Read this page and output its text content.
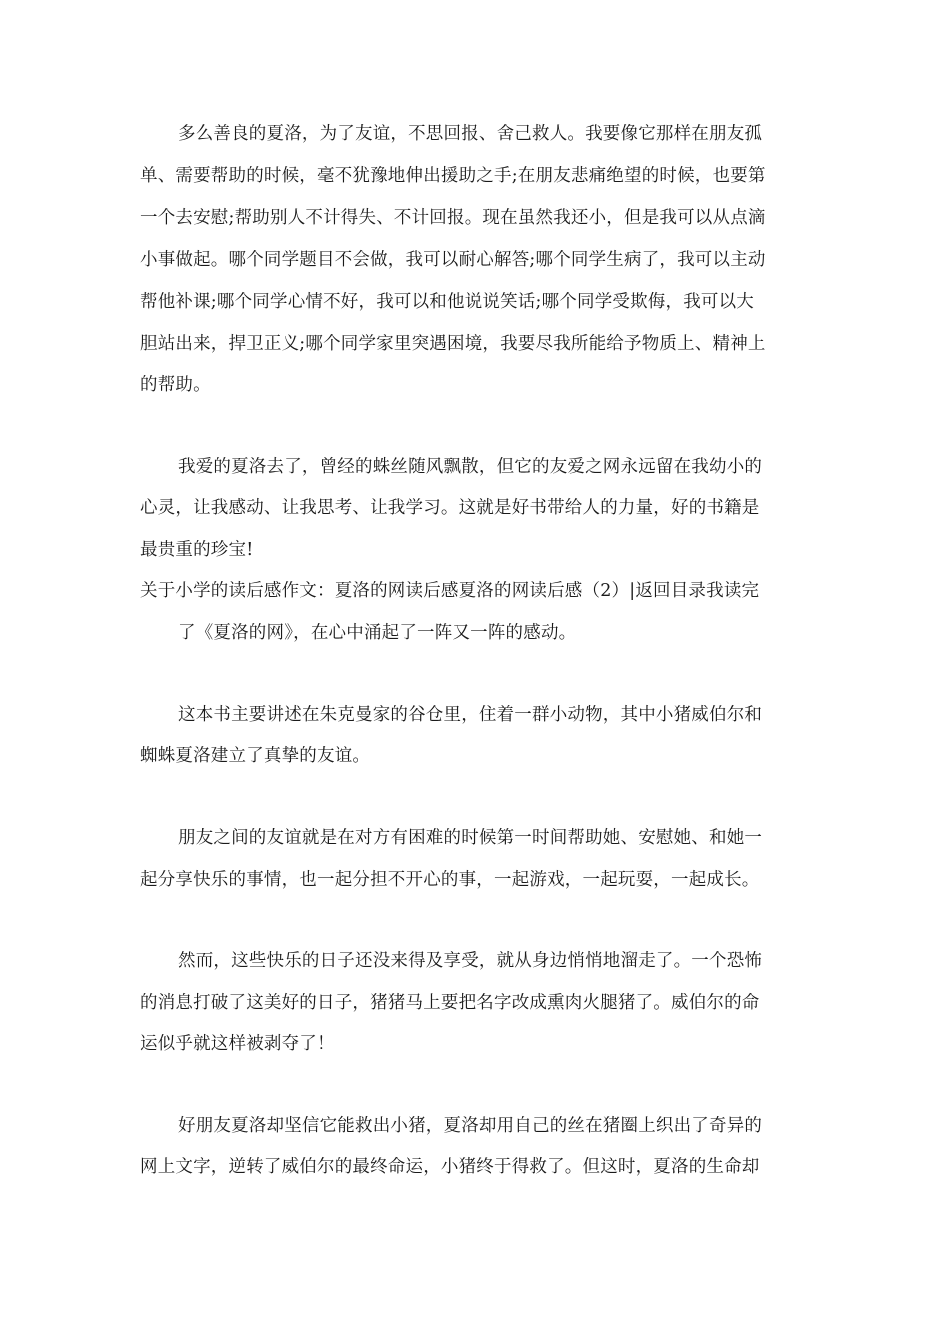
多么善良的夏洛，为了友谊，不思回报、舍己救人。我要像它那样在朋友孤
单、需要帮助的时候，毫不犹豫地伸出援助之手;在朋友悲痛绝望的时候，也要第
一个去安慰;帮助别人不计得失、不计回报。现在虽然我还小，但是我可以从点滴
小事做起。哪个同学题目不会做，我可以耐心解答;哪个同学生病了，我可以主动
帮他补课;哪个同学心情不好，我可以和他说说笑话;哪个同学受欺侮，我可以大
胆站出来，捍卫正义;哪个同学家里突遇困境，我要尽我所能给予物质上、精神上
的帮助。
我爱的夏洛去了，曾经的蛛丝随风飘散，但它的友爱之网永远留在我幼小的
心灵，让我感动、让我思考、让我学习。这就是好书带给人的力量，好的书籍是
最贵重的珍宝!
关于小学的读后感作文：夏洛的网读后感夏洛的网读后感（2）|返回目录我读完
了《夏洛的网》，在心中涌起了一阵又一阵的感动。
这本书主要讲述在朱克曼家的谷仓里，住着一群小动物，其中小猪威伯尔和
蜘蛛夏洛建立了真挚的友谊。
朋友之间的友谊就是在对方有困难的时候第一时间帮助她、安慰她、和她一
起分享快乐的事情，也一起分担不开心的事，一起游戏，一起玩耍，一起成长。
然而，这些快乐的日子还没来得及享受，就从身边悄悄地溜走了。一个恐怖
的消息打破了这美好的日子，猪猪马上要把名字改成熏肉火腿猪了。威伯尔的命
运似乎就这样被剥夺了！
好朋友夏洛却坚信它能救出小猪，夏洛却用自己的丝在猪圈上织出了奇异的
网上文字，逆转了威伯尔的最终命运，小猪终于得救了。但这时，夏洛的生命却
